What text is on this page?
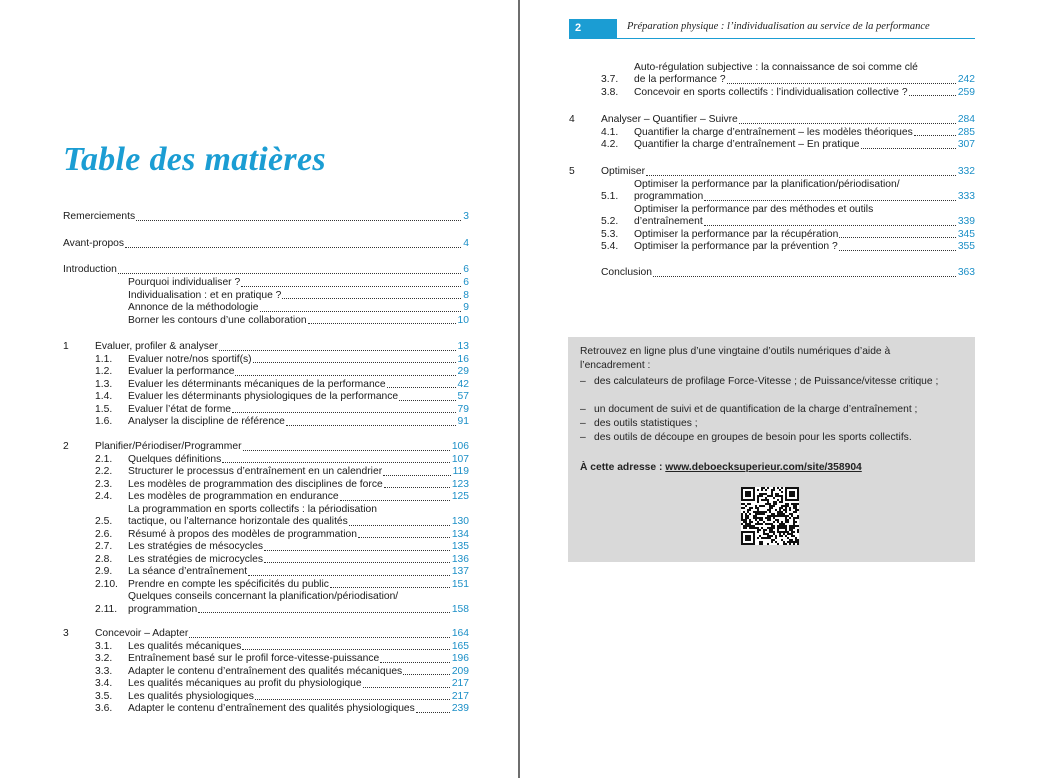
Table des matières
Remerciements	3
Avant-propos	4
Introduction	6
Pourquoi individualiser ?	6
Individualisation : et en pratique ?	8
Annonce de la méthodologie	9
Borner les contours d’une collaboration	10
1	Évaluer, profiler & analyser	13
1.1.	Évaluer notre/nos sportif(s)	16
1.2.	Évaluer la performance	29
1.3.	Évaluer les déterminants mécaniques de la performance	42
1.4.	Évaluer les déterminants physiologiques de la performance	57
1.5.	Évaluer l’état de forme	79
1.6.	Analyser la discipline de référence	91
2	Planifier/Périodiser/Programmer	106
2.1.	Quelques définitions	107
2.2.	Structurer le processus d’entraînement en un calendrier	119
2.3.	Les modèles de programmation des disciplines de force	123
2.4.	Les modèles de programmation en endurance	125
La programmation en sports collectifs : la périodisation
2.5.	tactique, ou l’alternance horizontale des qualités	130
2.6.	Résumé à propos des modèles de programmation	134
2.7.	Les stratégies de mésocycles	135
2.8.	Les stratégies de microcycles	136
2.9.	La séance d’entraînement	137
2.10. Prendre en compte les spécificités du public	151
Quelques conseils concernant la planification/périodisation/
2.11.	programmation	158
3	Concevoir – Adapter	164
3.1.	Les qualités mécaniques	165
3.2.	Entraînement basé sur le profil force-vitesse-puissance	196
3.3.	Adapter le contenu d’entraînement des qualités mécaniques	209
3.4.	Les qualités mécaniques au profit du physiologique	217
3.5.	Les qualités physiologiques	217
3.6.	Adapter le contenu d’entraînement des qualités physiologiques	239
2	Préparation physique : l’individualisation au service de la performance
Retrouvez en ligne plus d’une vingtaine d’outils numériques d’aide à l’encadrement :
– des calculateurs de profilage Force-Vitesse ; de Puissance/vitesse critique ;
– un document de suivi et de quantification de la charge d’entraînement ;
– des outils statistiques ;
– des outils de découpe en groupes de besoin pour les sports collectifs.
À cette adresse : www.deboecksuperieur.com/site/358904
Auto-régulation subjective : la connaissance de soi comme clé
3.7.	de la performance ?	242
3.8.	Concevoir en sports collectifs : l’individualisation collective ?	259
4	Analyser – Quantifier – Suivre	284
4.1.	Quantifier la charge d’entraînement – les modèles théoriques	285
4.2.	Quantifier la charge d’entraînement – En pratique	307
5	Optimiser	332
Optimiser la performance par la planification/périodisation/
5.1.	programmation	333
Optimiser la performance par des méthodes et outils
5.2.	d’entraînement	339
5.3.	Optimiser la performance par la récupération	345
5.4.	Optimiser la performance par la prévention ?	355
Conclusion	363
